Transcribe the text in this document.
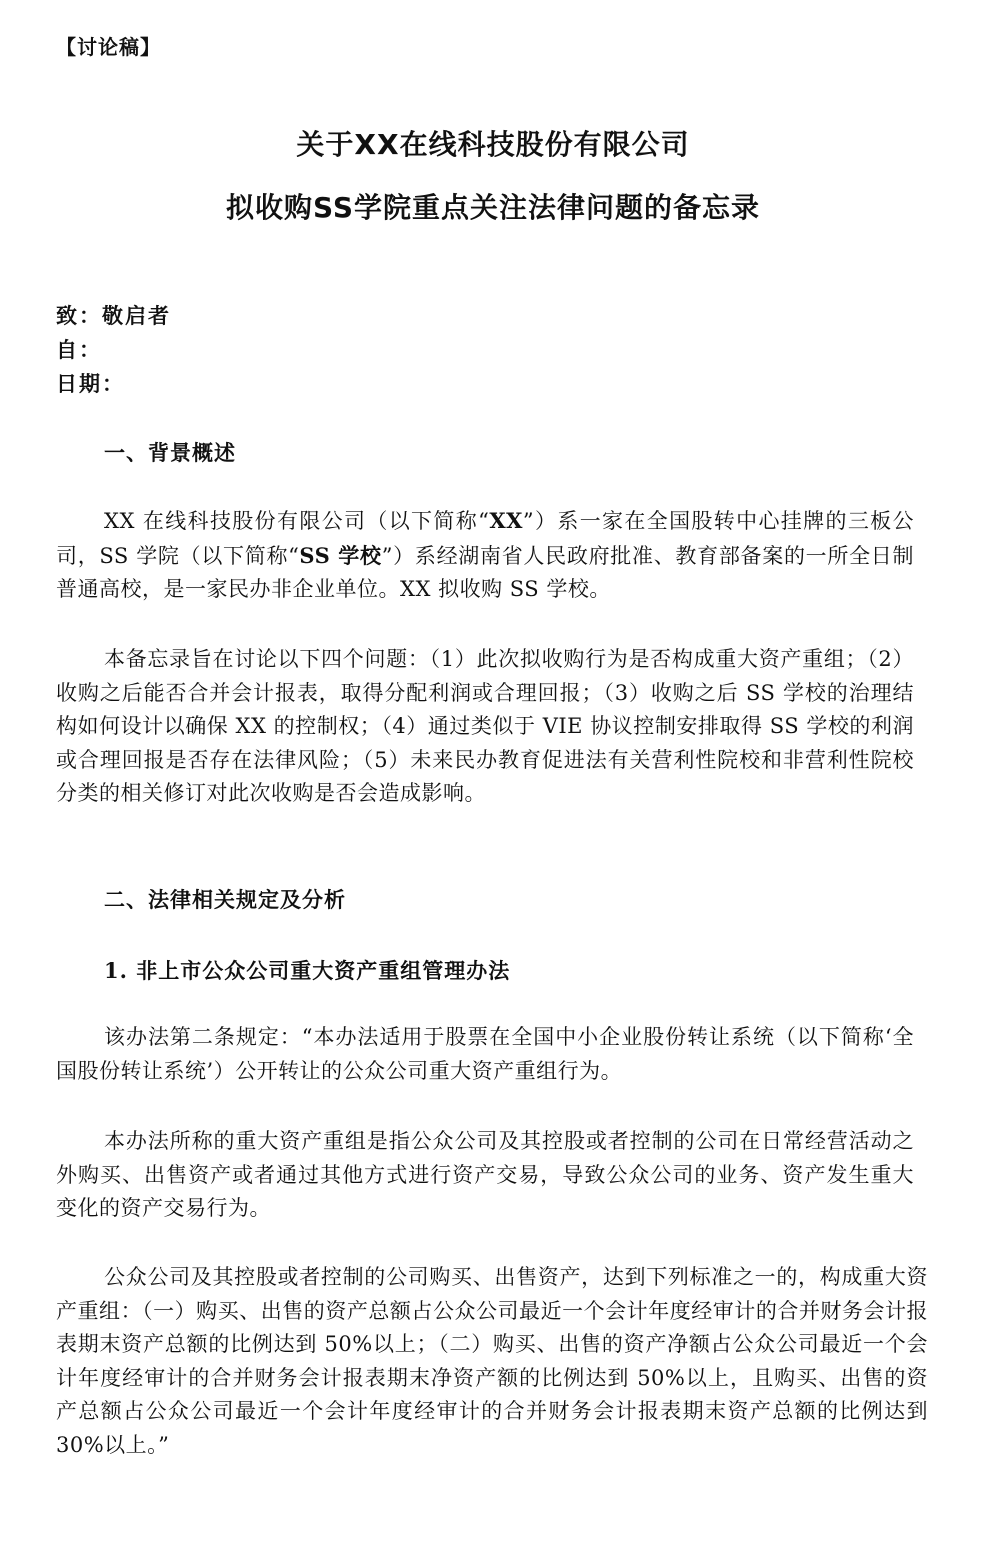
【讨论稿】
关于XX在线科技股份有限公司
拟收购SS学院重点关注法律问题的备忘录
致：敬启者
自：
日期：
一、背景概述
XX 在线科技股份有限公司（以下简称“XX”）系一家在全国股转中心挂牌的三板公司，SS 学院（以下简称“SS 学校”）系经湖南省人民政府批准、教育部备案的一所全日制普通高校，是一家民办非企业单位。XX 拟收购 SS 学校。
本备忘录旨在讨论以下四个问题：（1）此次拟收购行为是否构成重大资产重组；（2）收购之后能否合并会计报表，取得分配利润或合理回报；（3）收购之后 SS 学校的治理结构如何设计以确保 XX 的控制权；（4）通过类似于 VIE 协议控制安排取得 SS 学校的利润或合理回报是否存在法律风险；（5）未来民办教育促进法有关营利性院校和非营利性院校分类的相关修订对此次收购是否会造成影响。
二、法律相关规定及分析
1. 非上市公众公司重大资产重组管理办法
该办法第二条规定：“本办法适用于股票在全国中小企业股份转让系统（以下简称‘全国股份转让系统’）公开转让的公众公司重大资产重组行为。
本办法所称的重大资产重组是指公众公司及其控股或者控制的公司在日常经营活动之外购买、出售资产或者通过其他方式进行资产交易，导致公众公司的业务、资产发生重大变化的资产交易行为。
公众公司及其控股或者控制的公司购买、出售资产，达到下列标准之一的，构成重大资产重组：（一）购买、出售的资产总额占公众公司最近一个会计年度经审计的合并财务会计报表期末资产总额的比例达到 50%以上；（二）购买、出售的资产净额占公众公司最近一个会计年度经审计的合并财务会计报表期末净资产额的比例达到 50%以上，且购买、出售的资产总额占公众公司最近一个会计年度经审计的合并财务会计报表期末资产总额的比例达到 30%以上。”
